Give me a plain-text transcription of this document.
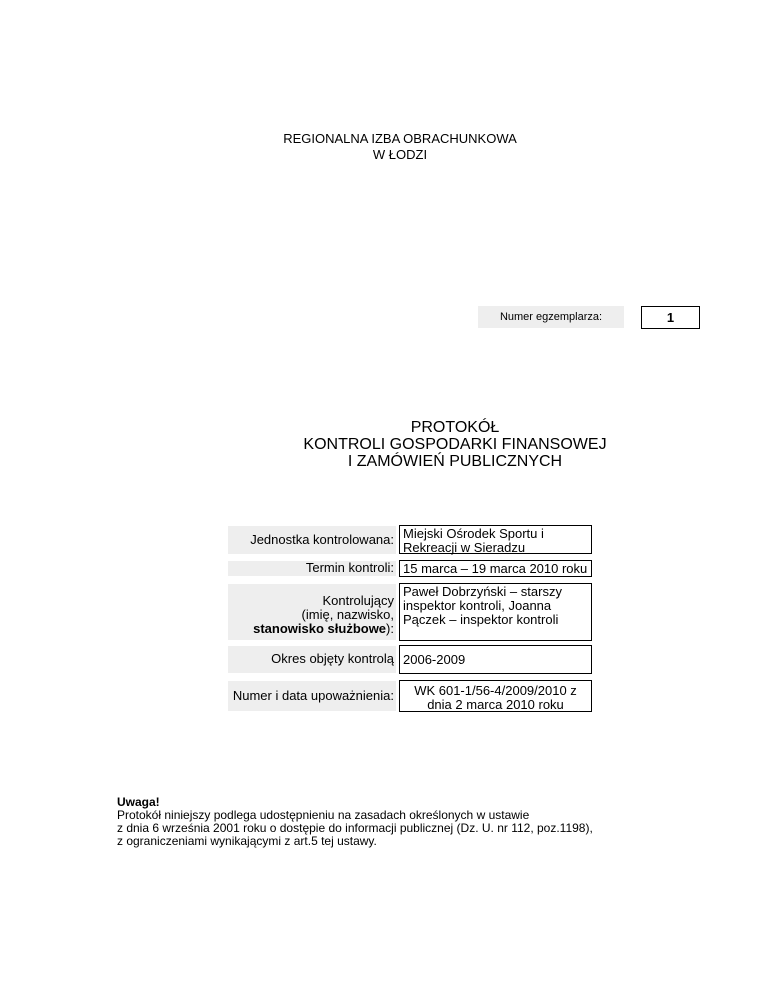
REGIONALNA IZBA OBRACHUNKOWA
W ŁODZI
Numer egzemplarza:	1
PROTOKÓŁ
KONTROLI GOSPODARKI FINANSOWEJ
I ZAMÓWIEŃ PUBLICZNYCH
Jednostka kontrolowana: Miejski Ośrodek Sportu i Rekreacji w Sieradzu
Termin kontroli: 15 marca – 19 marca 2010 roku
Kontrolujący
(imię, nazwisko,
stanowisko służbowe):
Paweł Dobrzyński – starszy inspektor kontroli, Joanna Pączek – inspektor kontroli
Okres objęty kontrolą 2006-2009
Numer i data upoważnienia:	WK 601-1/56-4/2009/2010 z dnia 2 marca 2010 roku
Uwaga!
Protokół niniejszy podlega udostępnieniu na zasadach określonych w ustawie
z dnia 6 września 2001 roku o dostępie do informacji publicznej (Dz. U. nr 112, poz.1198),
z ograniczeniami wynikającymi z art.5 tej ustawy.
